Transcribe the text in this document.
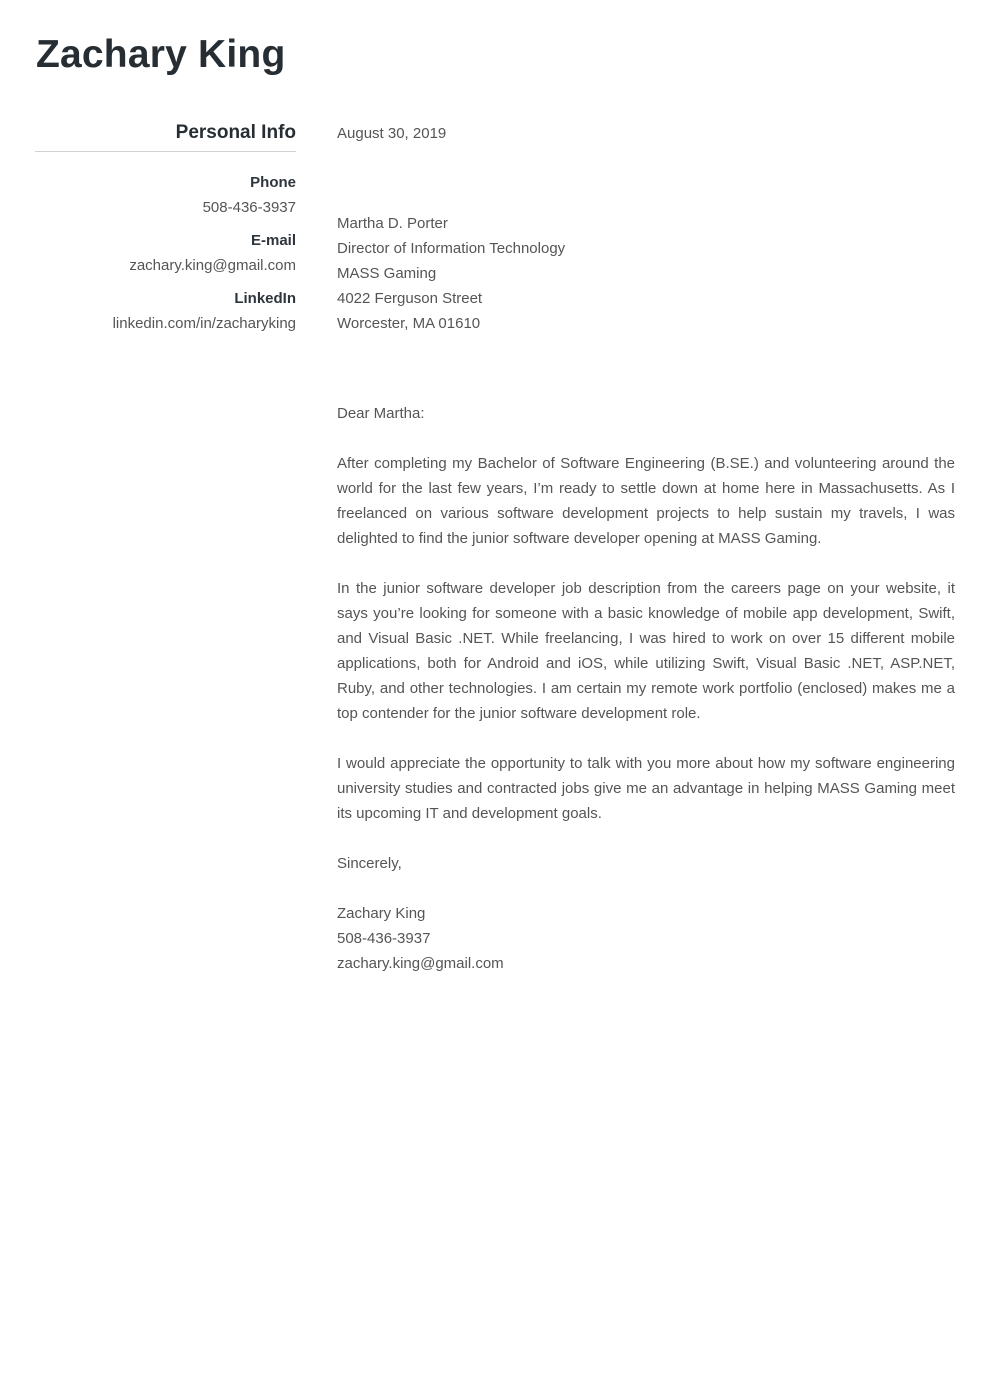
Zachary King
Personal Info
Phone
508-436-3937
E-mail
zachary.king@gmail.com
LinkedIn
linkedin.com/in/zacharyking
August 30, 2019
Martha D. Porter
Director of Information Technology
MASS Gaming
4022 Ferguson Street
Worcester, MA 01610
Dear Martha:

After completing my Bachelor of Software Engineering (B.SE.) and volunteering around the world for the last few years, I’m ready to settle down at home here in Massachusetts. As I freelanced on various software development projects to help sustain my travels, I was delighted to find the junior software developer opening at MASS Gaming.

In the junior software developer job description from the careers page on your website, it says you’re looking for someone with a basic knowledge of mobile app development, Swift, and Visual Basic .NET. While freelancing, I was hired to work on over 15 different mobile applications, both for Android and iOS, while utilizing Swift, Visual Basic .NET, ASP.NET, Ruby, and other technologies. I am certain my remote work portfolio (enclosed) makes me a top contender for the junior software development role.

I would appreciate the opportunity to talk with you more about how my software engineering university studies and contracted jobs give me an advantage in helping MASS Gaming meet its upcoming IT and development goals.

Sincerely,
Zachary King
508-436-3937
zachary.king@gmail.com
